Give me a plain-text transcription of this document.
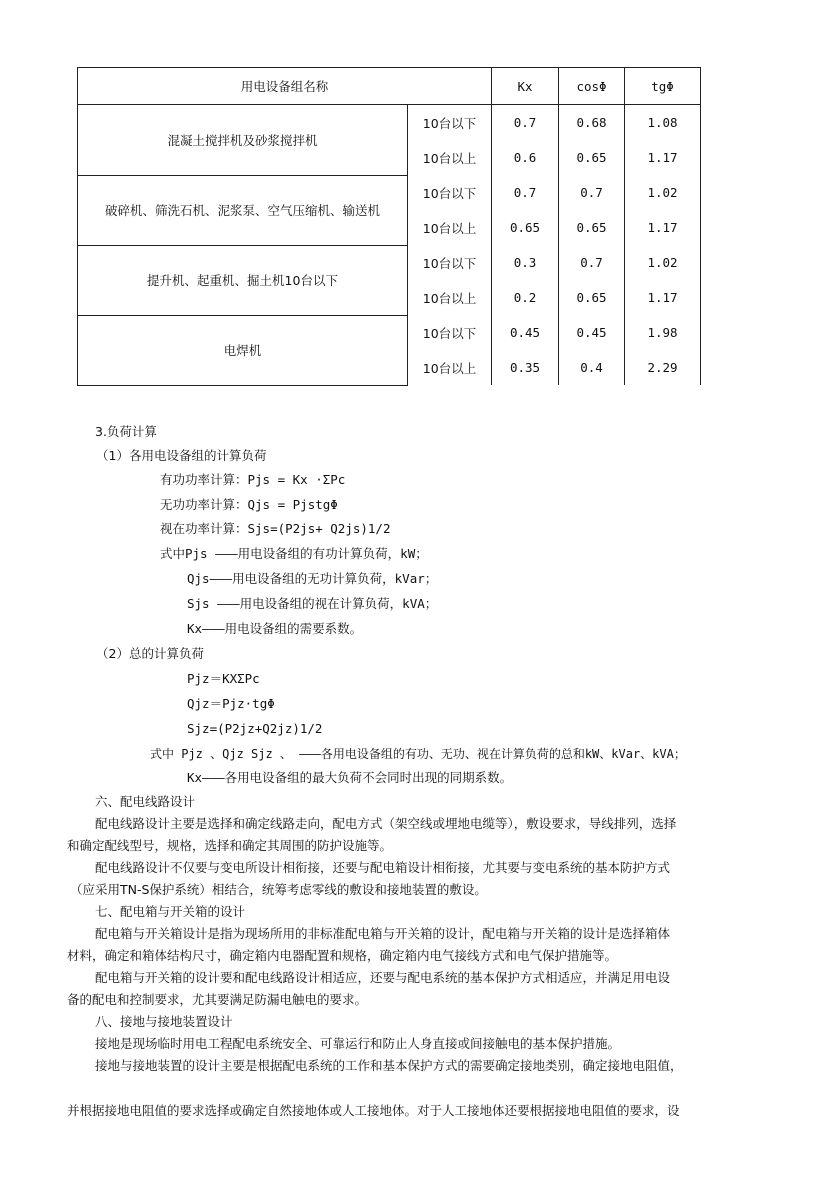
用电设备组名称		Kx	cosΦ	tgΦ
混凝土搅拌机及砂浆搅拌机	10台以下	0.7	0.68	1.08
	10台以上	0.6	0.65	1.17
破碎机、筛洗石机、泥浆泵、空气压缩机、输送机	10台以下	0.7	0.7	1.02
	10台以上	0.65	0.65	1.17
提升机、起重机、掘土机10台以下	10台以下	0.3	0.7	1.02
	10台以上	0.2	0.65	1.17
电焊机	10台以下	0.45	0.45	1.98
	10台以上	0.35	0.4	2.29
3.负荷计算
（1）各用电设备组的计算负荷
有功功率计算：Pjs = Kx ·ΣPc
无功功率计算：Qjs = PjstgΦ
视在功率计算：Sjs=(P2js+ Q2js)1/2
式中Pjs ———用电设备组的有功计算负荷，kW；
Qjs———用电设备组的无功计算负荷，kVar；
Sjs ———用电设备组的视在计算负荷，kVA；
Kx———用电设备组的需要系数。
（2）总的计算负荷
Pjz＝KXΣPc
Qjz＝Pjz·tgΦ
Sjz=(P2jz+Q2jz)1/2
式中 Pjz 、Qjz Sjz 、 ———各用电设备组的有功、无功、视在计算负荷的总和kW、kVar、kVA；
Kx———各用电设备组的最大负荷不会同时出现的同期系数。
六、配电线路设计
配电线路设计主要是选择和确定线路走向，配电方式（架空线或埋地电缆等），敷设要求，导线排列，选择
和确定配线型号，规格，选择和确定其周围的防护设施等。
配电线路设计不仅要与变电所设计相衔接，还要与配电箱设计相衔接，尤其要与变电系统的基本防护方式
（应采用TN-S保护系统）相结合，统筹考虑零线的敷设和接地装置的敷设。
七、配电箱与开关箱的设计
配电箱与开关箱设计是指为现场所用的非标准配电箱与开关箱的设计，配电箱与开关箱的设计是选择箱体
材料，确定和箱体结构尺寸，确定箱内电器配置和规格，确定箱内电气接线方式和电气保护措施等。
配电箱与开关箱的设计要和配电线路设计相适应，还要与配电系统的基本保护方式相适应，并满足用电设
备的配电和控制要求，尤其要满足防漏电触电的要求。
八、接地与接地装置设计
接地是现场临时用电工程配电系统安全、可靠运行和防止人身直接或间接触电的基本保护措施。
接地与接地装置的设计主要是根据配电系统的工作和基本保护方式的需要确定接地类别，确定接地电阻值，
并根据接地电阻值的要求选择或确定自然接地体或人工接地体。对于人工接地体还要根据接地电阻值的要求，设
